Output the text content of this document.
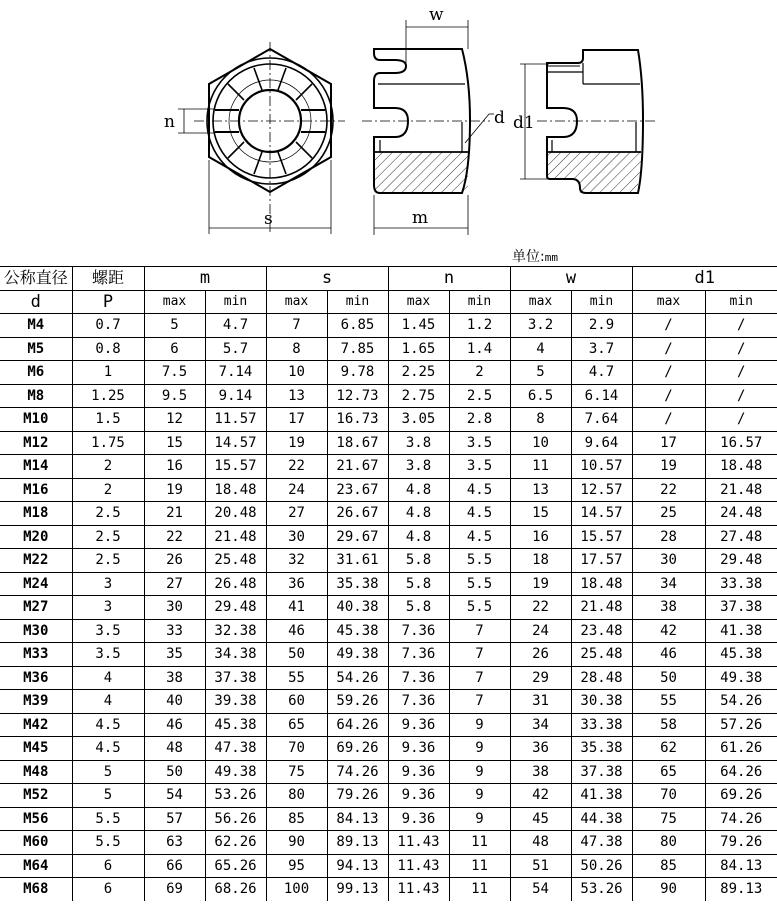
n
s
w
m
d d1
单位:mm
公称直径	螺距	m		s		n		w		d1	
d	P	max	min	max	min	max	min	max	min	max	min
M4	0.7	5	4.7	7	6.85	1.45	1.2	3.2	2.9	/	/
M5	0.8	6	5.7	8	7.85	1.65	1.4	4	3.7	/	/
M6	1	7.5	7.14	10	9.78	2.25	2	5	4.7	/	/
M8	1.25	9.5	9.14	13	12.73	2.75	2.5	6.5	6.14	/	/
M10	1.5	12	11.57	17	16.73	3.05	2.8	8	7.64	/	/
M12	1.75	15	14.57	19	18.67	3.8	3.5	10	9.64	17	16.57
M14	2	16	15.57	22	21.67	3.8	3.5	11	10.57	19	18.48
M16	2	19	18.48	24	23.67	4.8	4.5	13	12.57	22	21.48
M18	2.5	21	20.48	27	26.67	4.8	4.5	15	14.57	25	24.48
M20	2.5	22	21.48	30	29.67	4.8	4.5	16	15.57	28	27.48
M22	2.5	26	25.48	32	31.61	5.8	5.5	18	17.57	30	29.48
M24	3	27	26.48	36	35.38	5.8	5.5	19	18.48	34	33.38
M27	3	30	29.48	41	40.38	5.8	5.5	22	21.48	38	37.38
M30	3.5	33	32.38	46	45.38	7.36	7	24	23.48	42	41.38
M33	3.5	35	34.38	50	49.38	7.36	7	26	25.48	46	45.38
M36	4	38	37.38	55	54.26	7.36	7	29	28.48	50	49.38
M39	4	40	39.38	60	59.26	7.36	7	31	30.38	55	54.26
M42	4.5	46	45.38	65	64.26	9.36	9	34	33.38	58	57.26
M45	4.5	48	47.38	70	69.26	9.36	9	36	35.38	62	61.26
M48	5	50	49.38	75	74.26	9.36	9	38	37.38	65	64.26
M52	5	54	53.26	80	79.26	9.36	9	42	41.38	70	69.26
M56	5.5	57	56.26	85	84.13	9.36	9	45	44.38	75	74.26
M60	5.5	63	62.26	90	89.13	11.43	11	48	47.38	80	79.26
M64	6	66	65.26	95	94.13	11.43	11	51	50.26	85	84.13
M68	6	69	68.26	100	99.13	11.43	11	54	53.26	90	89.13
